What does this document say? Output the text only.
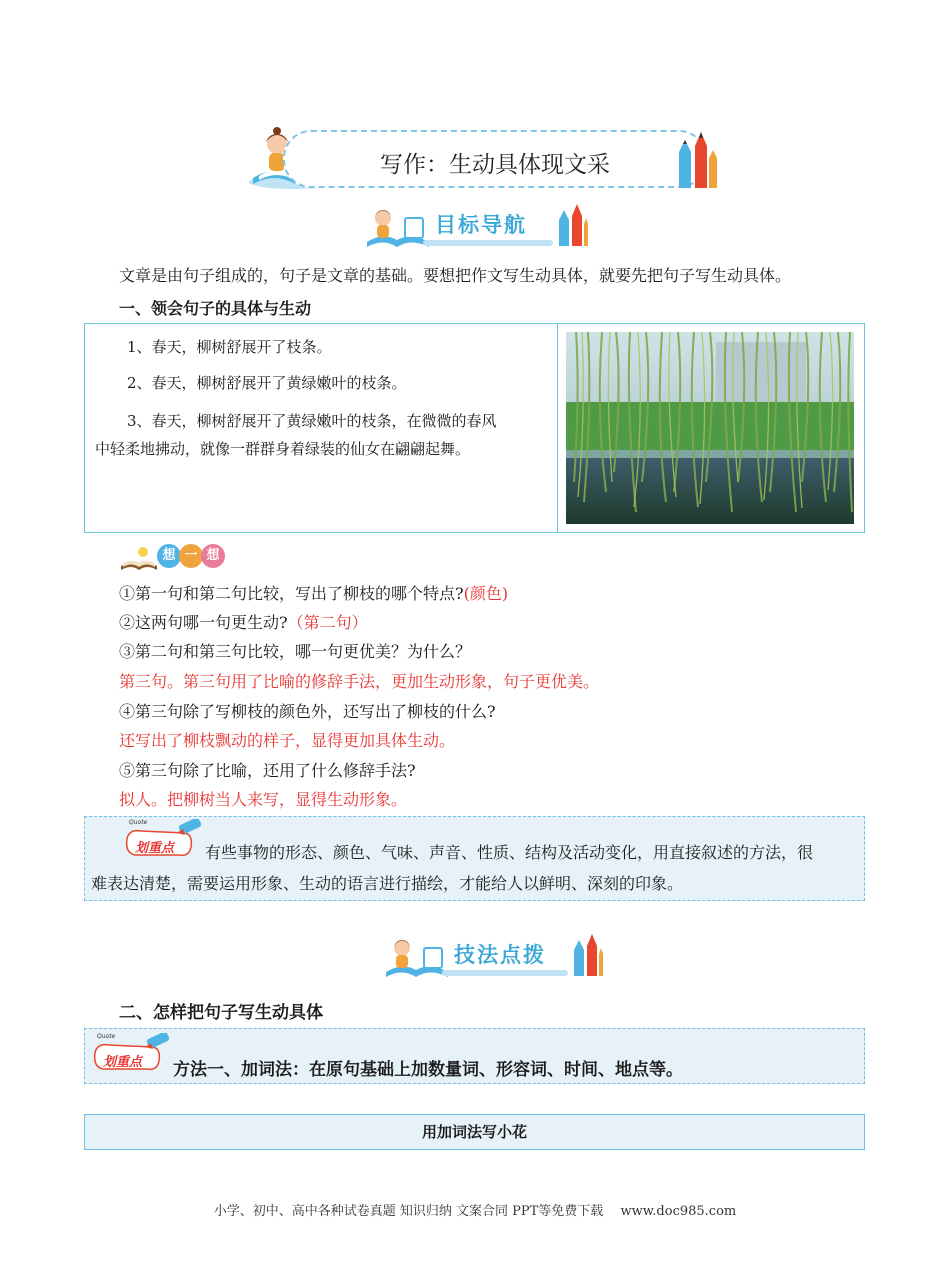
写作：生动具体现文采
目标导航
文章是由句子组成的，句子是文章的基础。要想把作文写生动具体，就要先把句子写生动具体。
一、领会句子的具体与生动
1、春天，柳树舒展开了枝条。
2、春天，柳树舒展开了黄绿嫩叶的枝条。
3、春天，柳树舒展开了黄绿嫩叶的枝条，在微微的春风
中轻柔地拂动，就像一群群身着绿装的仙女在翩翩起舞。
想 一 想
①第一句和第二句比较，写出了柳枝的哪个特点?(颜色)
②这两句哪一句更生动?（第二句）
③第二句和第三句比较，哪一句更优美？为什么？
第三句。第三句用了比喻的修辞手法，更加生动形象，句子更优美。
④第三句除了写柳枝的颜色外，还写出了柳枝的什么?
还写出了柳枝飘动的样子，显得更加具体生动。
⑤第三句除了比喻，还用了什么修辞手法?
拟人。把柳树当人来写，显得生动形象。
Quote
划重点 有些事物的形态、颜色、气味、声音、性质、结构及活动变化，用直接叙述的方法，很
难表达清楚，需要运用形象、生动的语言进行描绘，才能给人以鲜明、深刻的印象。
技法点拨
二、怎样把句子写生动具体
Quote
划重点 方法一、加词法：在原句基础上加数量词、形容词、时间、地点等。
用加词法写小花
小学、初中、高中各种试卷真题 知识归纳 文案合同 PPT等免费下载　 www.doc985.com
